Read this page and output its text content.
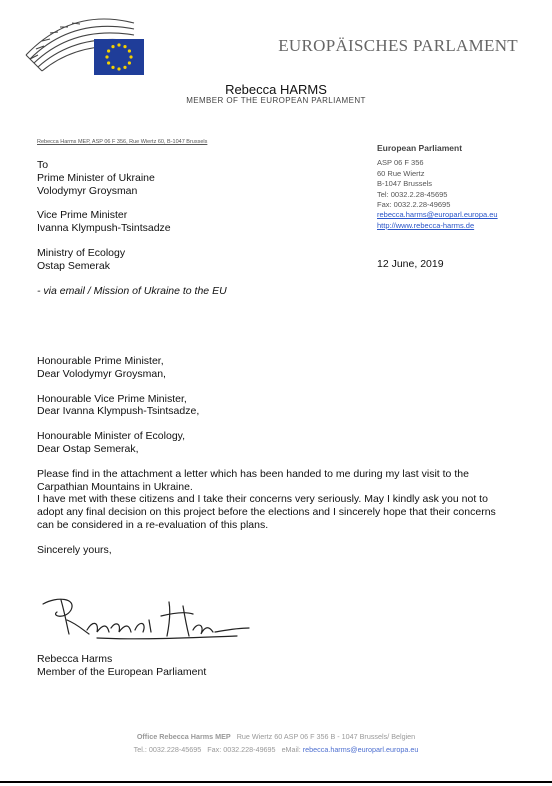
EUROPÄISCHES PARLAMENT
Rebecca HARMS
MEMBER OF THE EUROPEAN PARLIAMENT
Rebecca Harms MEP, ASP 06 F 356, Rue Wiertz 60, B-1047 Brussels
To
Prime Minister of Ukraine
Volodymyr Groysman
Vice Prime Minister
Ivanna Klympush-Tsintsadze
Ministry of Ecology
Ostap Semerak
- via email / Mission of Ukraine to the EU
European Parliament
ASP 06 F 356
60 Rue Wiertz
B-1047 Brussels
Tel: 0032.2.28-45695
Fax: 0032.2.28-49695
rebecca.harms@europarl.europa.eu
http://www.rebecca-harms.de
12 June, 2019
Honourable Prime Minister,
Dear Volodymyr Groysman,
Honourable Vice Prime Minister,
Dear Ivanna Klympush-Tsintsadze,
Honourable Minister of Ecology,
Dear Ostap Semerak,
Please find in the attachment a letter which has been handed to me during my last visit to the Carpathian Mountains in Ukraine.
I have met with these citizens and I take their concerns very seriously. May I kindly ask you not to adopt any final decision on this project before the elections and I sincerely hope that their concerns can be considered in a re-evaluation of this plans.
Sincerely yours,
Rebecca Harms
Member of the European Parliament
Office Rebecca Harms MEP Rue Wiertz 60 ASP 06 F 356 B - 1047 Brussels/ Belgien
Tel.: 0032.228-45695 Fax: 0032.228-49695 eMail: rebecca.harms@europarl.europa.eu
